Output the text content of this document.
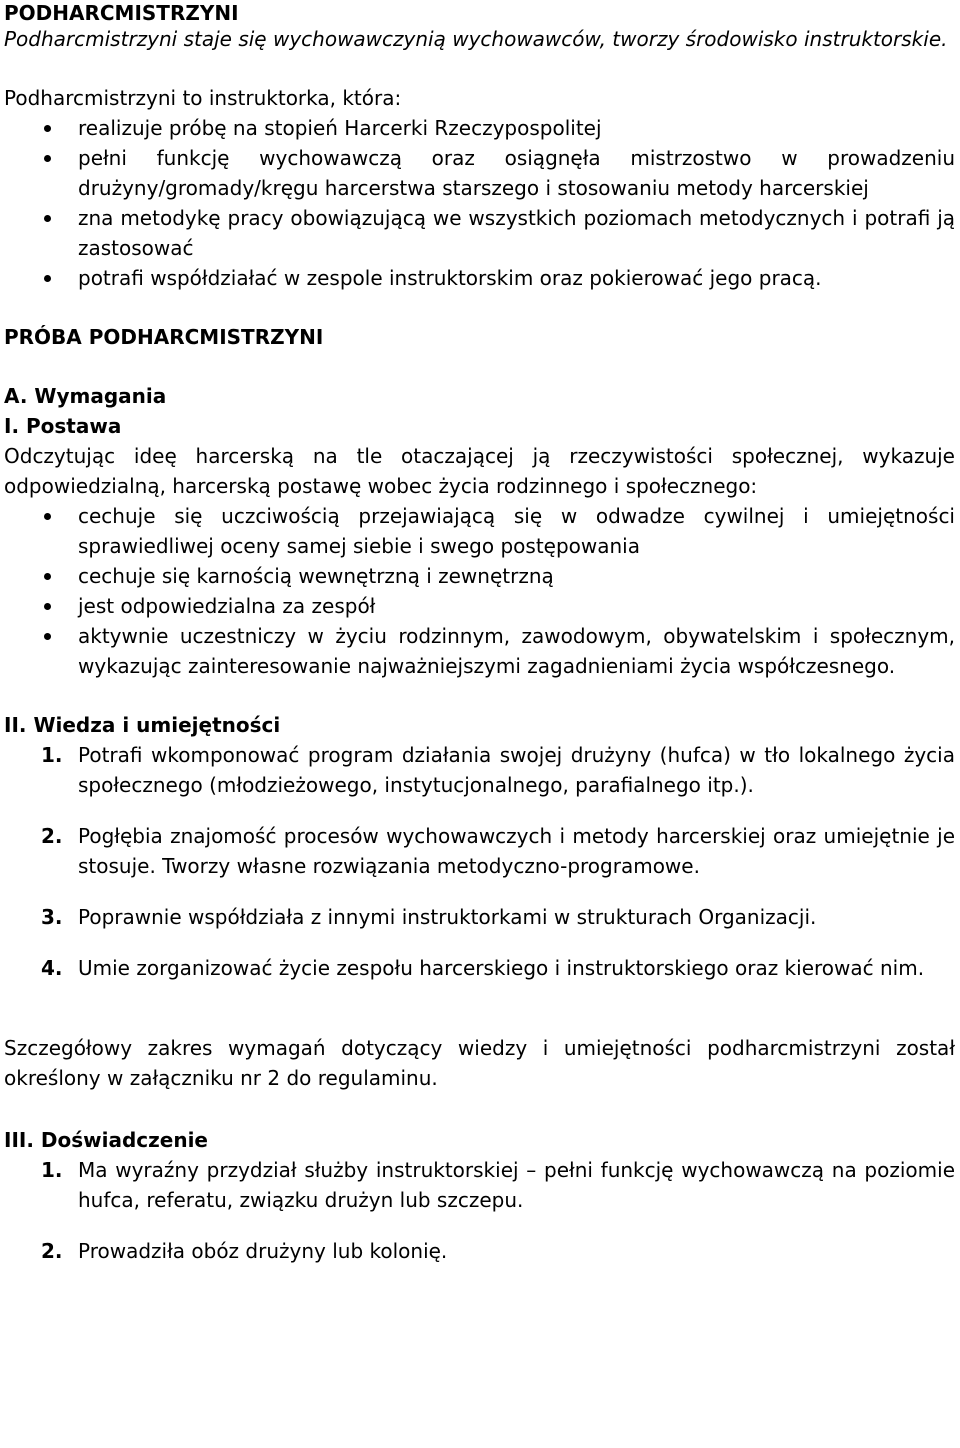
PODHARCMISTRZYNI

Podharcmistrzyni staje się wychowawczynią wychowawców, tworzy środowisko instruktorskie.

Podharcmistrzyni to instruktorka, która:

realizuje próbę na stopień Harcerki Rzeczypospolitej
pełni funkcję wychowawczą oraz osiągnęła mistrzostwo w prowadzeniu drużyny/gromady/kręgu harcerstwa starszego i stosowaniu metody harcerskiej
zna metodykę pracy obowiązującą we wszystkich poziomach metodycznych i potrafi ją zastosować
potrafi współdziałać w zespole instruktorskim oraz pokierować jego pracą.

PRÓBA PODHARCMISTRZYNI

A. Wymagania

I. Postawa

Odczytując ideę harcerską na tle otaczającej ją rzeczywistości społecznej, wykazuje odpowiedzialną, harcerską postawę wobec życia rodzinnego i społecznego:

cechuje się uczciwością przejawiającą się w odwadze cywilnej i umiejętności sprawiedliwej oceny samej siebie i swego postępowania
cechuje się karnością wewnętrzną i zewnętrzną
jest odpowiedzialna za zespół
aktywnie uczestniczy w życiu rodzinnym, zawodowym, obywatelskim i społecznym, wykazując zainteresowanie najważniejszymi zagadnieniami życia współczesnego.

II. Wiedza i umiejętności

1. Potrafi wkomponować program działania swojej drużyny (hufca) w tło lokalnego życia społecznego (młodzieżowego, instytucjonalnego, parafialnego itp.).
2. Pogłębia znajomość procesów wychowawczych i metody harcerskiej oraz umiejętnie je stosuje. Tworzy własne rozwiązania metodyczno-programowe.
3. Poprawnie współdziała z innymi instruktorkami w strukturach Organizacji.
4. Umie zorganizować życie zespołu harcerskiego i instruktorskiego oraz kierować nim.

Szczegółowy zakres wymagań dotyczący wiedzy i umiejętności podharcmistrzyni został określony w załączniku nr 2 do regulaminu.

III. Doświadczenie

1. Ma wyraźny przydział służby instruktorskiej – pełni funkcję wychowawczą na poziomie hufca, referatu, związku drużyn lub szczepu.
2. Prowadziła obóz drużyny lub kolonię.
